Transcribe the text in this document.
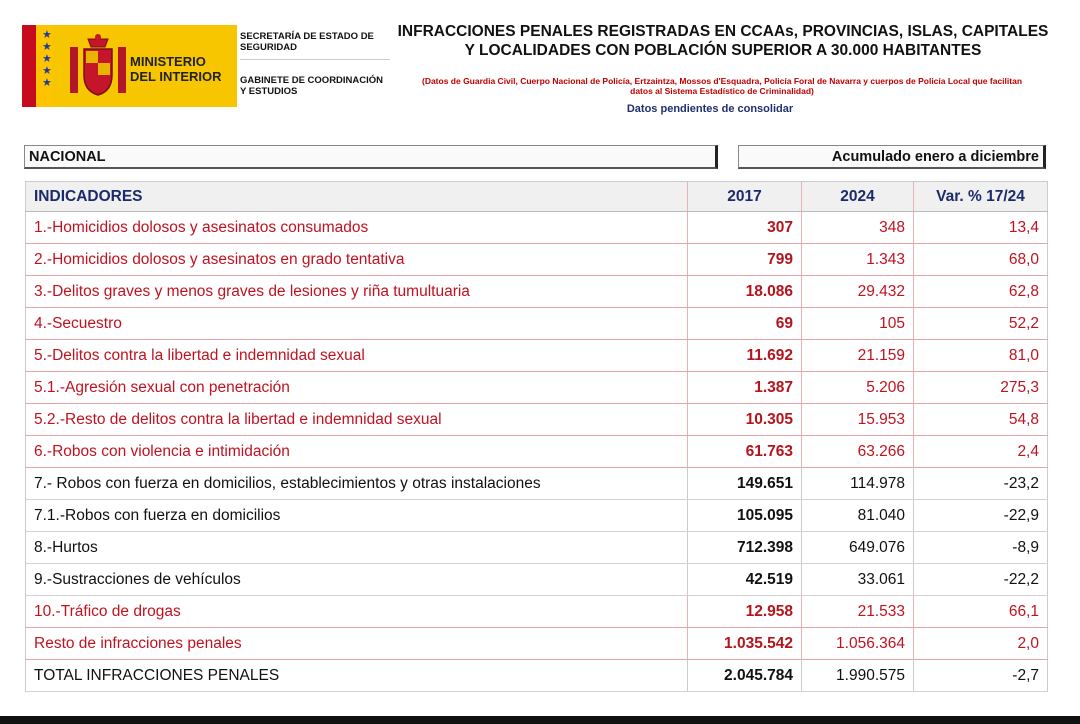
★
★
★
★
★
MINISTERIO DEL INTERIOR
SECRETARÍA DE ESTADO DE SEGURIDAD
GABINETE DE COORDINACIÓN Y ESTUDIOS
INFRACCIONES PENALES REGISTRADAS EN CCAAs, PROVINCIAS, ISLAS, CAPITALES Y LOCALIDADES CON POBLACIÓN SUPERIOR A 30.000 HABITANTES
(Datos de Guardia Civil, Cuerpo Nacional de Policía, Ertzaintza, Mossos d'Esquadra, Policía Foral de Navarra y cuerpos de Policía Local que facilitan datos al Sistema Estadístico de Criminalidad)
Datos pendientes de consolidar
NACIONAL	Acumulado enero a diciembre
INDICADORES	2017	2024	Var. % 17/24
1.-Homicidios dolosos y asesinatos consumados	307	348	13,4
2.-Homicidios dolosos y asesinatos en grado tentativa	799	1.343	68,0
3.-Delitos graves y menos graves de lesiones y riña tumultuaria	18.086	29.432	62,8
4.-Secuestro	69	105	52,2
5.-Delitos contra la libertad e indemnidad sexual	11.692	21.159	81,0
5.1.-Agresión sexual con penetración	1.387	5.206	275,3
5.2.-Resto de delitos contra la libertad e indemnidad sexual	10.305	15.953	54,8
6.-Robos con violencia e intimidación	61.763	63.266	2,4
7.- Robos con fuerza en domicilios, establecimientos y otras instalaciones	149.651	114.978	-23,2
7.1.-Robos con fuerza en domicilios	105.095	81.040	-22,9
8.-Hurtos	712.398	649.076	-8,9
9.-Sustracciones de vehículos	42.519	33.061	-22,2
10.-Tráfico de drogas	12.958	21.533	66,1
Resto de infracciones penales	1.035.542	1.056.364	2,0
TOTAL INFRACCIONES PENALES	2.045.784	1.990.575	-2,7
